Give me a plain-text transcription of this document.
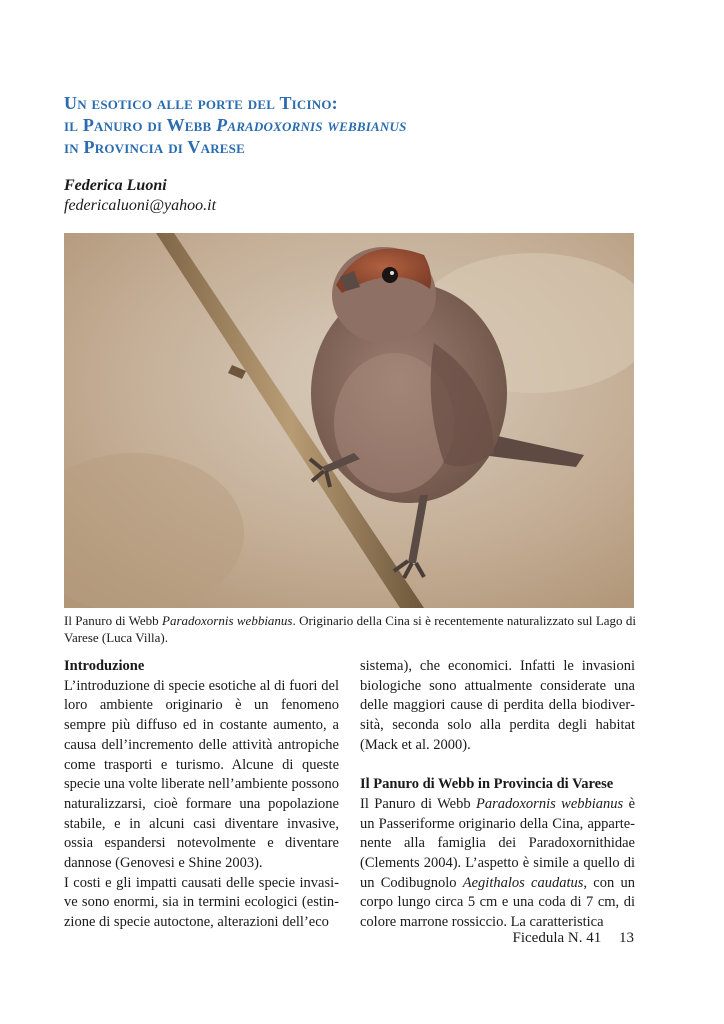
Un esotico alle porte del Ticino:
il Panuro di Webb Paradoxornis webbianus
in Provincia di Varese
Federica Luoni
federicaluoni@yahoo.it
Il Panuro di Webb Paradoxornis webbianus. Originario della Cina si è recentemente naturalizzato sul Lago di Varese (Luca Villa).
Introduzione

L’introduzione di specie esotiche al di fuori del loro ambiente originario è un fenomeno sempre più diffuso ed in costante aumento, a causa dell’incremento delle attività antropiche come trasporti e turismo. Alcune di queste specie una volte liberate nell’ambiente possono naturalizzarsi, cioè formare una popolazione stabile, e in alcuni casi diventare invasive, ossia espandersi notevolmente e diventare dannose (Genovesi e Shine 2003).

I costi e gli impatti causati delle specie invasive sono enormi, sia in termini ecologici (estinzione di specie autoctone, alterazioni dell’eco

sistema), che economici. Infatti le invasioni biologiche sono attualmente considerate una delle maggiori cause di perdita della biodiversità, seconda solo alla perdita degli habitat (Mack et al. 2000).

Il Panuro di Webb in Provincia di Varese

Il Panuro di Webb Paradoxornis webbianus è un Passeriforme originario della Cina, appartenente alla famiglia dei Paradoxornithidae (Clements 2004). L’aspetto è simile a quello di un Codibugnolo Aegithalos caudatus, con un corpo lungo circa 5 cm e una coda di 7 cm, di colore marrone rossiccio. La caratteristica

Ficedula N. 41 13
